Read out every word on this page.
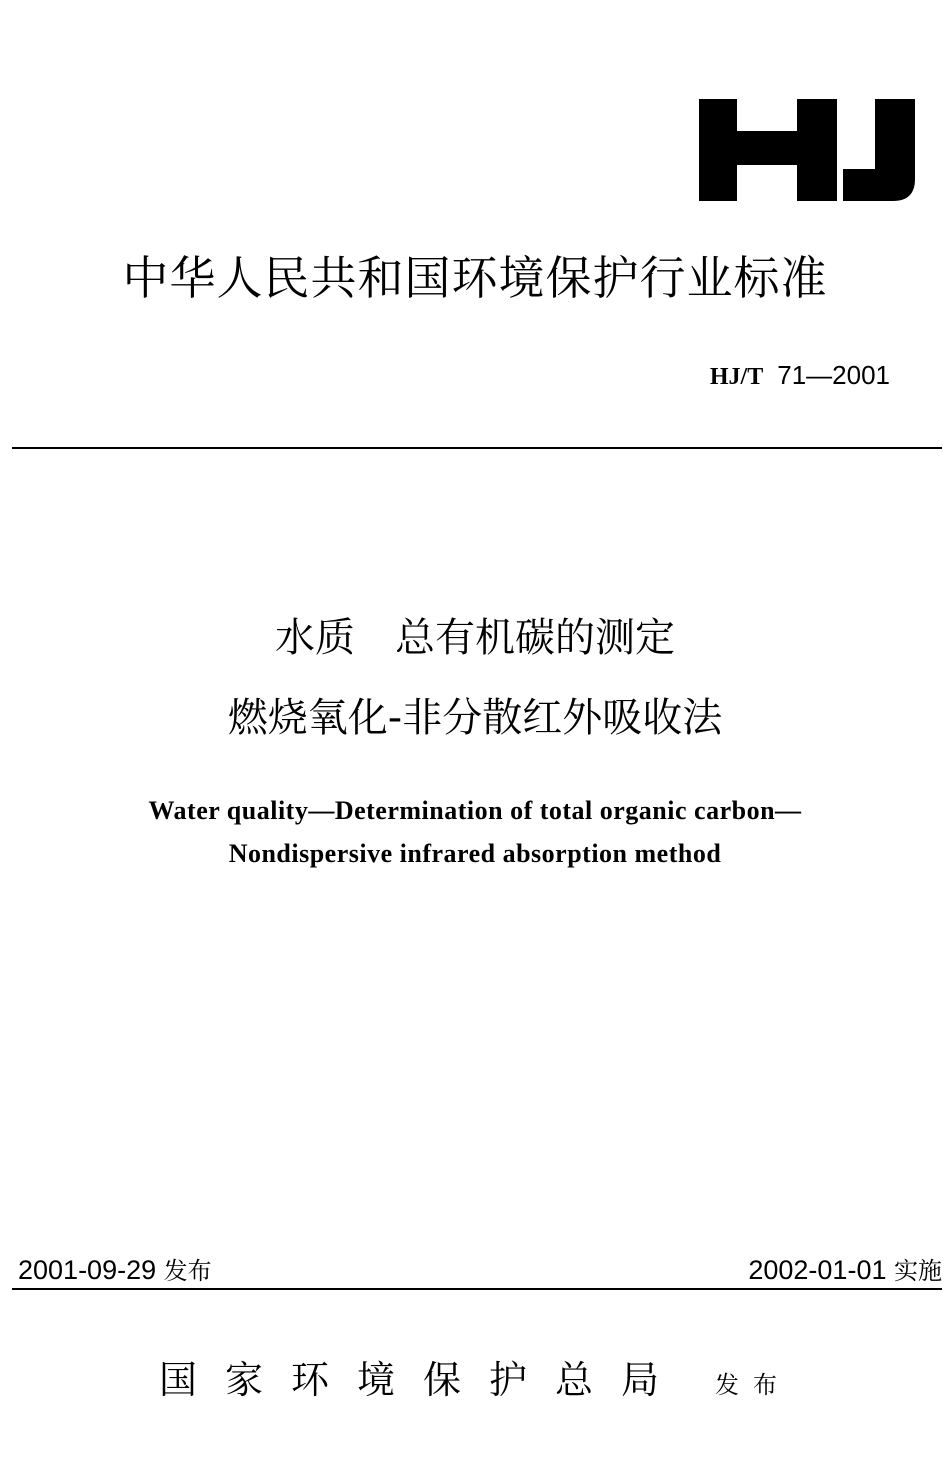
中华人民共和国环境保护行业标准
HJ/T 71—2001
水质　总有机碳的测定
燃烧氧化-非分散红外吸收法
Water quality—Determination of total organic carbon—
Nondispersive infrared absorption method
2001-09-29 发布	2002-01-01 实施
国家环境保护总局 发布
